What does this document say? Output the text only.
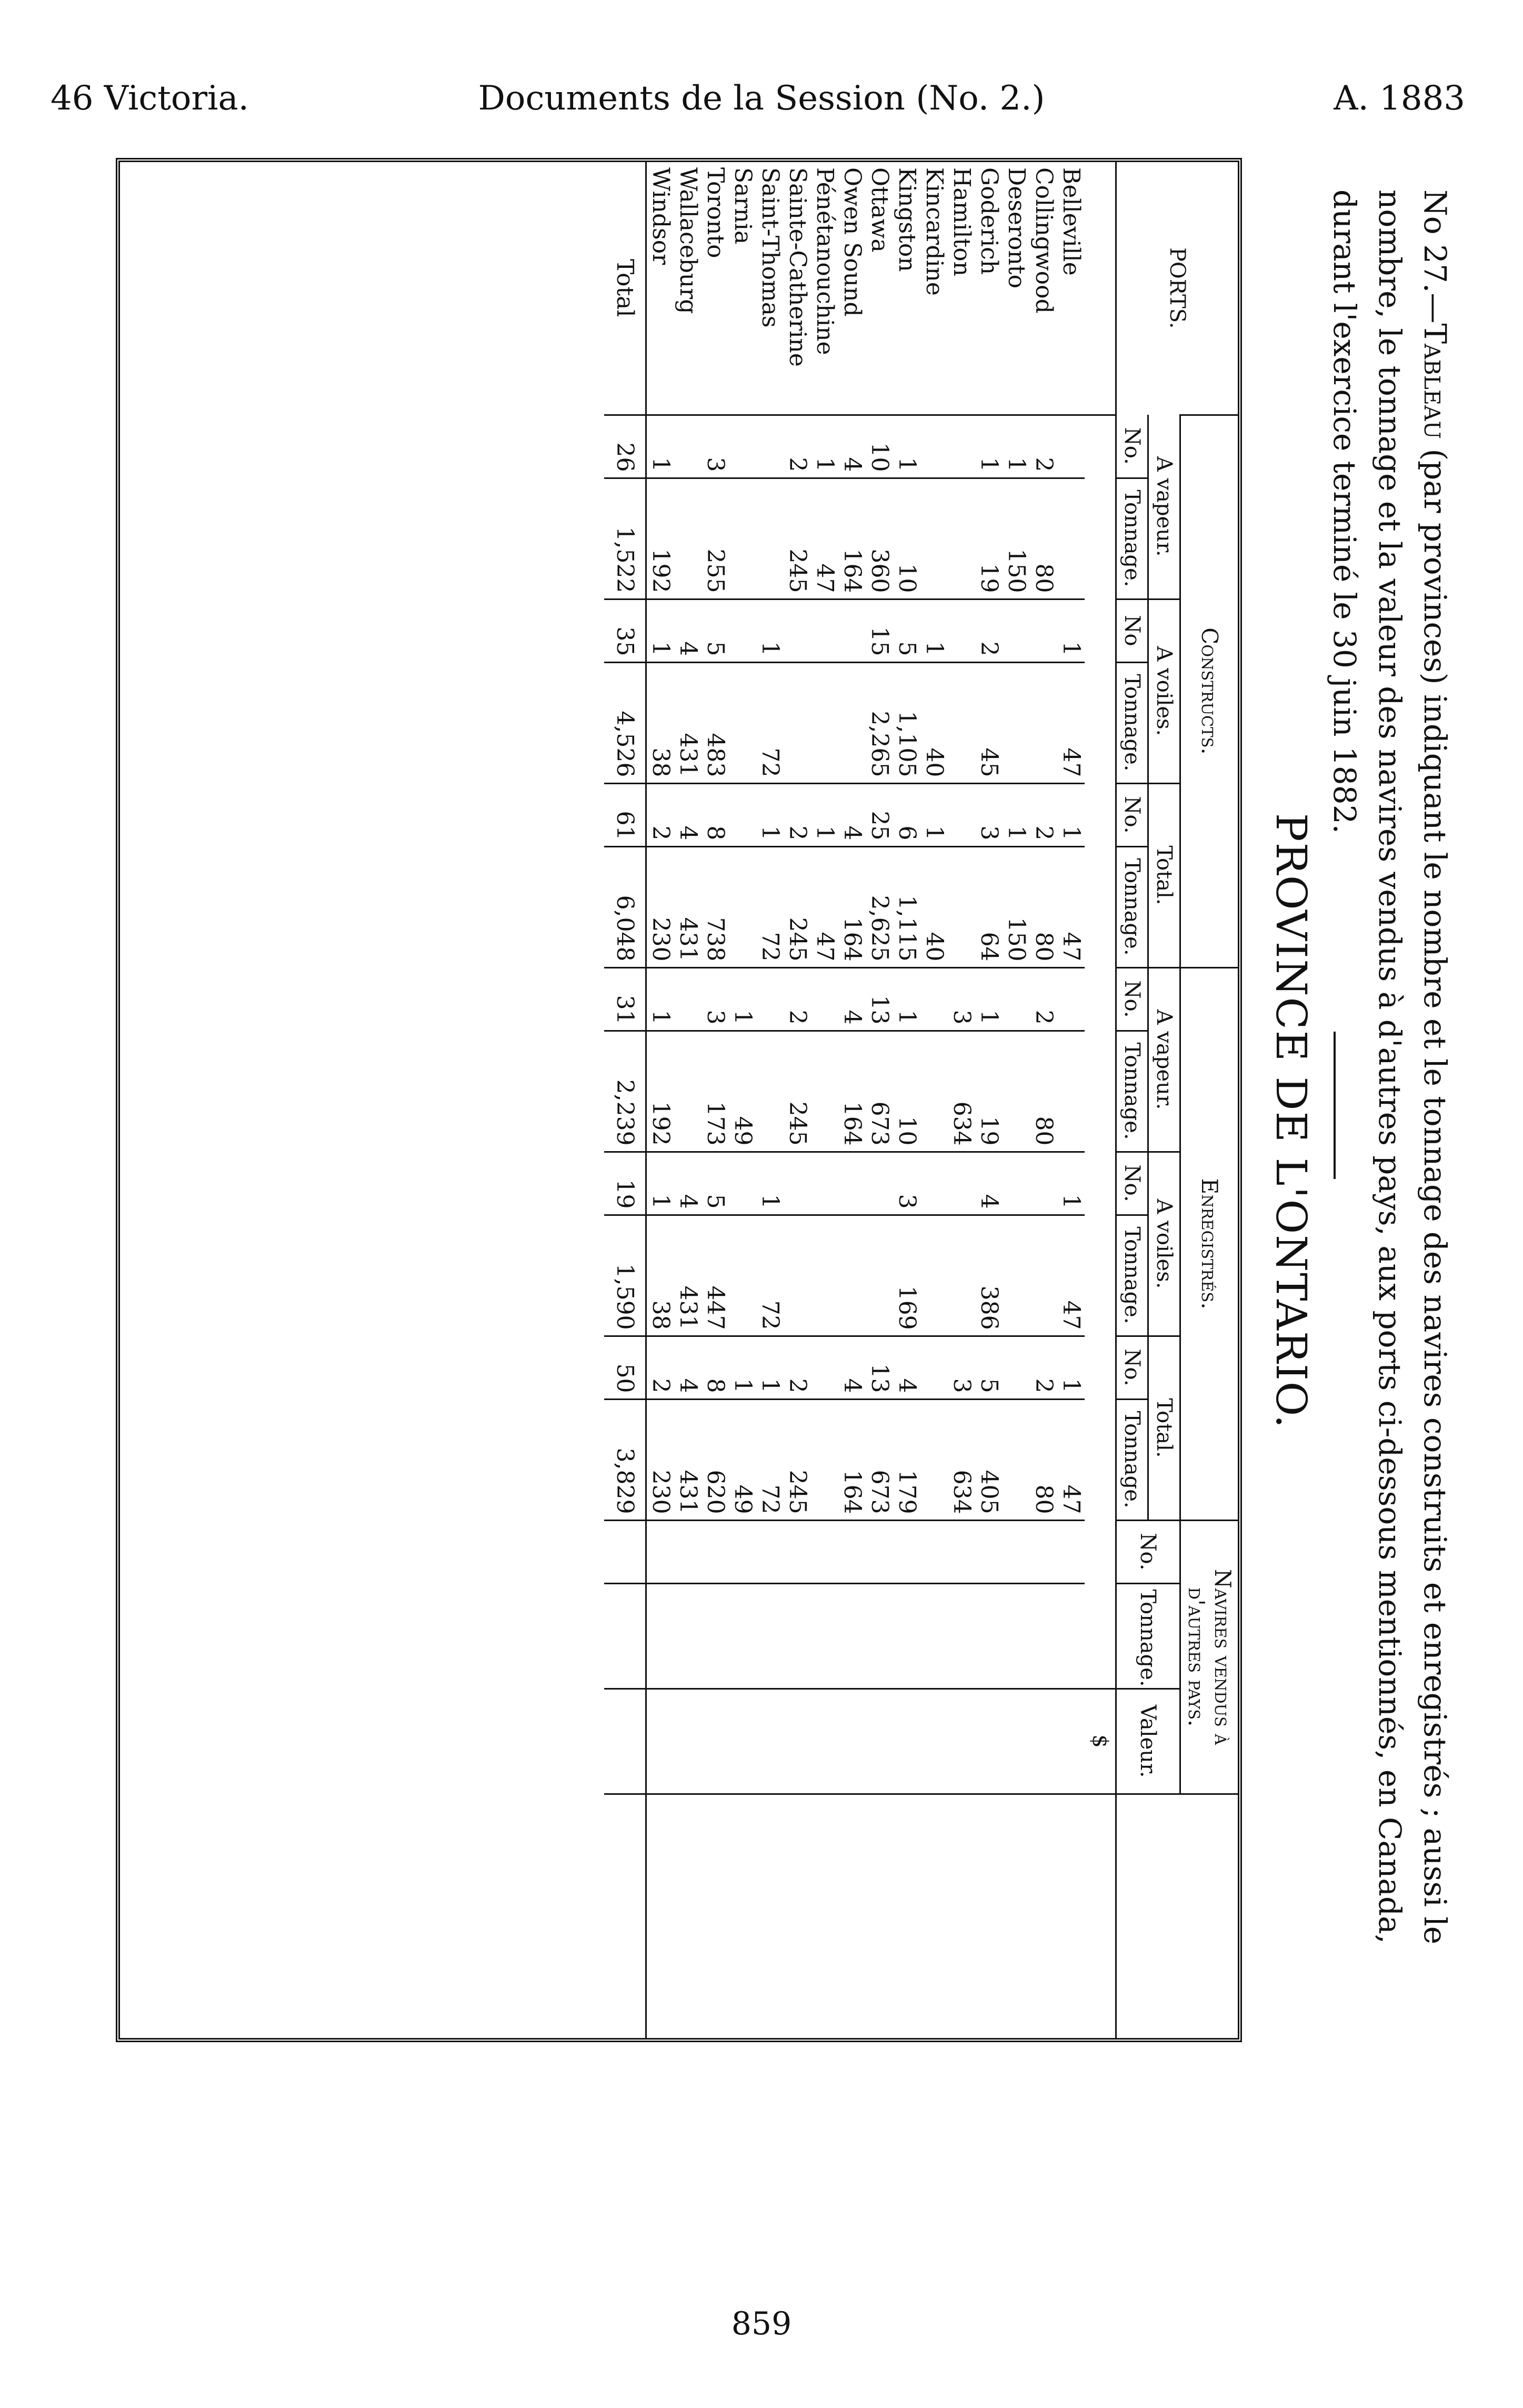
46 Victoria.	Documents de la Session (No. 2.)	A. 1883
No 27.—Tableau (par provinces) indiquant le nombre et le tonnage des navires construits et enregistrés ; aussi le nombre, le tonnage et la valeur des navires vendus à d'autres pays, aux ports ci-dessous mentionnés, en Canada, durant l'exercice terminé le 30 juin 1882.
PROVINCE DE L'ONTARIO.
PORTS.	Constructs.						Enregistrés.						Navires vendus à d'autres pays.			
	A vapeur.		A voiles.		Total.		A vapeur.		A voiles.		Total.		No.	Tonnage.	Valeur.	
	No.	Tonnage.	No	Tonnage.	No.	Tonnage.	No.	Tonnage.	No.	Tonnage.	No.	Tonnage.				
															$	
Belleville			1	47	1	47			1	47	1	47				
Collingwood	2	80			2	80	2	80			2	80				
Deseronto	1	150			1	150										
Goderich	1	19	2	45	3	64	1	19	4	386	5	405				
Hamilton							3	634			3	634				
Kincardine			1	40	1	40										
Kingston	1	10	5	1,105	6	1,115	1	10	3	169	4	179				
Ottawa	10	360	15	2,265	25	2,625	13	673			13	673				
Owen Sound	4	164			4	164	4	164			4	164				
Pénétanouchine	1	47			1	47										
Sainte-Catherine	2	245			2	245	2	245			2	245				
Saint-Thomas			1	72	1	72			1	72	1	72				
Sarnia							1	49			1	49				
Toronto	3	255	5	483	8	738	3	173	5	447	8	620				
Wallaceburg			4	431	4	431			4	431	4	431				
Windsor	1	192	1	38	2	230	1	192	1	38	2	230				
Total	26	1,522	35	4,526	61	6,048	31	2,239	19	1,590	50	3,829				
859
